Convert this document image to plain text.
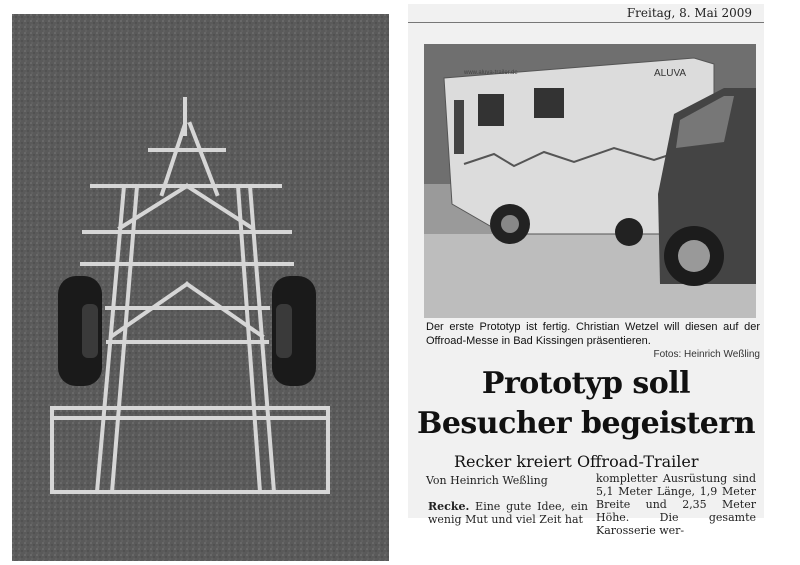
Freitag, 8. Mai 2009
ALUVA
www.aluva-trailer.de
Der erste Prototyp ist fertig. Christian Wetzel will diesen auf der Offroad-Messe in Bad Kissingen präsentieren.
Fotos: Heinrich Weßling
Prototyp soll
Besucher begeistern
Recker kreiert Offroad-Trailer
Von Heinrich Weßling
Recke. Eine gute Idee, ein wenig Mut und viel Zeit hat
kompletter Ausrüstung sind 5,1 Meter Länge, 1,9 Meter Breite und 2,35 Meter Höhe. Die gesamte Karosserie wer-
